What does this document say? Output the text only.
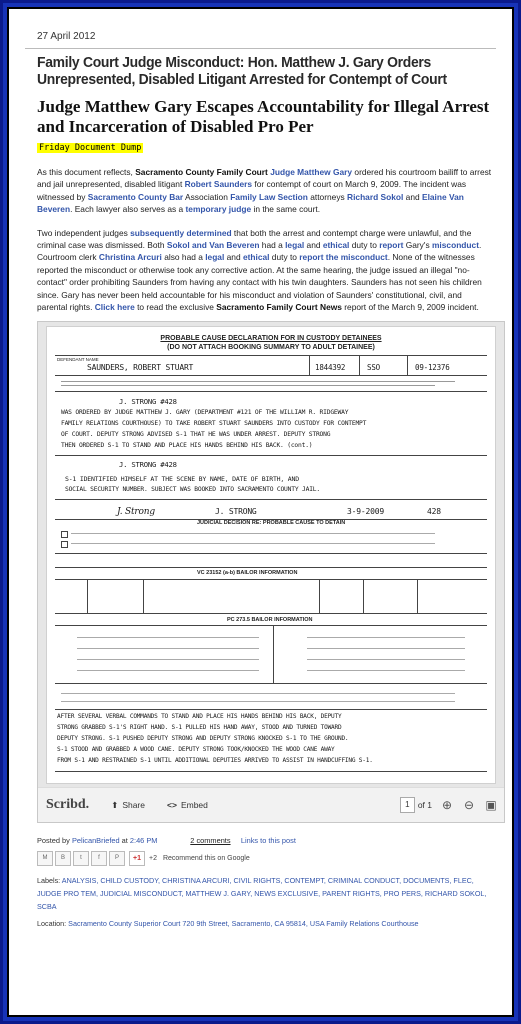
27 April 2012
Family Court Judge Misconduct: Hon. Matthew J. Gary Orders Unrepresented, Disabled Litigant Arrested for Contempt of Court
Judge Matthew Gary Escapes Accountability for Illegal Arrest and Incarceration of Disabled Pro Per
Friday Document Dump
As this document reflects, Sacramento County Family Court Judge Matthew Gary ordered his courtroom bailiff to arrest and jail unrepresented, disabled litigant Robert Saunders for contempt of court on March 9, 2009. The incident was witnessed by Sacramento County Bar Association Family Law Section attorneys Richard Sokol and Elaine Van Beveren. Each lawyer also serves as a temporary judge in the same court.
Two independent judges subsequently determined that both the arrest and contempt charge were unlawful, and the criminal case was dismissed. Both Sokol and Van Beveren had a legal and ethical duty to report Gary's misconduct. Courtroom clerk Christina Arcuri also had a legal and ethical duty to report the misconduct. None of the witnesses reported the misconduct or otherwise took any corrective action. At the same hearing, the judge issued an illegal "no-contact" order prohibiting Saunders from having any contact with his twin daughters. Saunders has not seen his children since. Gary has never been held accountable for his misconduct and violation of Saunders' constitutional, civil, and parental rights. Click here to read the exclusive Sacramento Family Court News report of the March 9, 2009 incident.
PROBABLE CAUSE DECLARATION FOR IN CUSTODY DETAINEES
(DO NOT ATTACH BOOKING SUMMARY TO ADULT DETAINEE)
DEFENDANT NAME
SAUNDERS, ROBERT STUART	1844392	SSO	09-12376
J. STRONG #428
WAS ORDERED BY JUDGE MATTHEW J. GARY (DEPARTMENT #121 OF THE WILLIAM R. RIDGEWAY
FAMILY RELATIONS COURTHOUSE) TO TAKE ROBERT STUART SAUNDERS INTO CUSTODY FOR CONTEMPT
OF COURT. DEPUTY STRONG ADVISED S-1 THAT HE WAS UNDER ARREST. DEPUTY STRONG
THEN ORDERED S-1 TO STAND AND PLACE HIS HANDS BEHIND HIS BACK. (cont.)
J. STRONG #428
S-1 IDENTIFIED HIMSELF AT THE SCENE BY NAME, DATE OF BIRTH, AND
SOCIAL SECURITY NUMBER. SUBJECT WAS BOOKED INTO SACRAMENTO COUNTY JAIL.
J. Strong	J. STRONG	3-9-2009	428
JUDICIAL DECISION RE: PROBABLE CAUSE TO DETAIN
VC 23152 (a-b) BAILOR INFORMATION
PC 273.5 BAILOR INFORMATION
AFTER SEVERAL VERBAL COMMANDS TO STAND AND PLACE HIS HANDS BEHIND HIS BACK, DEPUTY
STRONG GRABBED S-1'S RIGHT HAND. S-1 PULLED HIS HAND AWAY, STOOD AND TURNED TOWARD
DEPUTY STRONG. S-1 PUSHED DEPUTY STRONG AND DEPUTY STRONG KNOCKED S-1 TO THE GROUND.
S-1 STOOD AND GRABBED A WOOD CANE. DEPUTY STRONG TOOK/KNOCKED THE WOOD CANE AWAY
FROM S-1 AND RESTRAINED S-1 UNTIL ADDITIONAL DEPUTIES ARRIVED TO ASSIST IN HANDCUFFING S-1.
Scribd.	⬆ Share	<> Embed	1 of 1 ⊕ ⊖ ▣
Posted by PelicanBriefed at 2:46 PM	2 comments Links to this post
M	B	t	f	P	+1	+2 Recommend this on Google
Labels: ANALYSIS, CHILD CUSTODY, CHRISTINA ARCURI, CIVIL RIGHTS, CONTEMPT, CRIMINAL CONDUCT, DOCUMENTS, FLEC, JUDGE PRO TEM, JUDICIAL MISCONDUCT, MATTHEW J. GARY, NEWS EXCLUSIVE, PARENT RIGHTS, PRO PERS, RICHARD SOKOL, SCBA
Location: Sacramento County Superior Court 720 9th Street, Sacramento, CA 95814, USA Family Relations Courthouse
